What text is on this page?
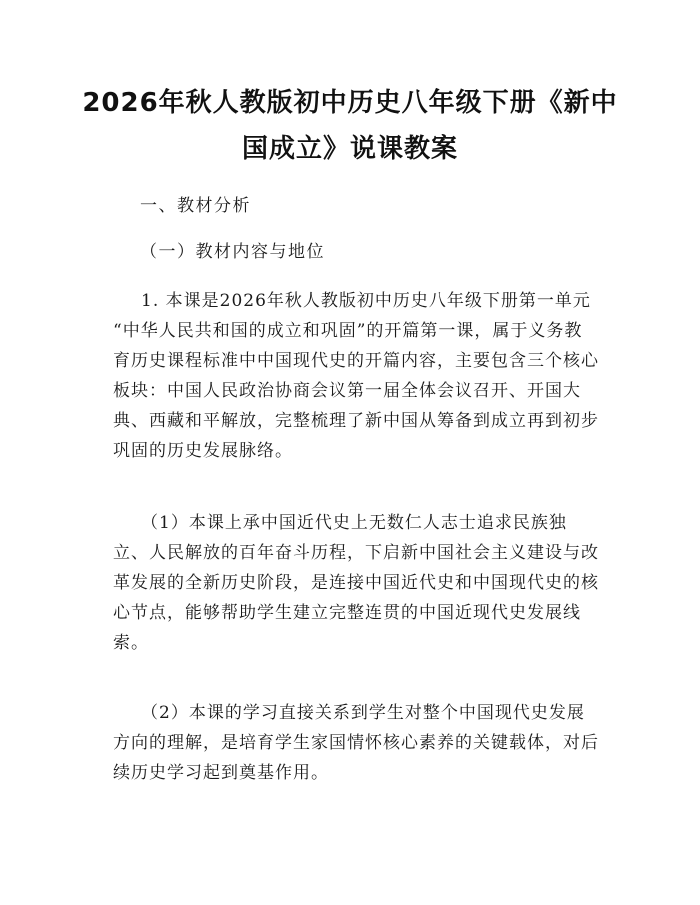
2026年秋人教版初中历史八年级下册《新中
国成立》说课教案
一、教材分析
（一）教材内容与地位
1. 本课是2026年秋人教版初中历史八年级下册第一单元
“中华人民共和国的成立和巩固”的开篇第一课，属于义务教
育历史课程标准中中国现代史的开篇内容，主要包含三个核心
板块：中国人民政治协商会议第一届全体会议召开、开国大
典、西藏和平解放，完整梳理了新中国从筹备到成立再到初步
巩固的历史发展脉络。
（1）本课上承中国近代史上无数仁人志士追求民族独
立、人民解放的百年奋斗历程，下启新中国社会主义建设与改
革发展的全新历史阶段，是连接中国近代史和中国现代史的核
心节点，能够帮助学生建立完整连贯的中国近现代史发展线
索。
（2）本课的学习直接关系到学生对整个中国现代史发展
方向的理解，是培育学生家国情怀核心素养的关键载体，对后
续历史学习起到奠基作用。
